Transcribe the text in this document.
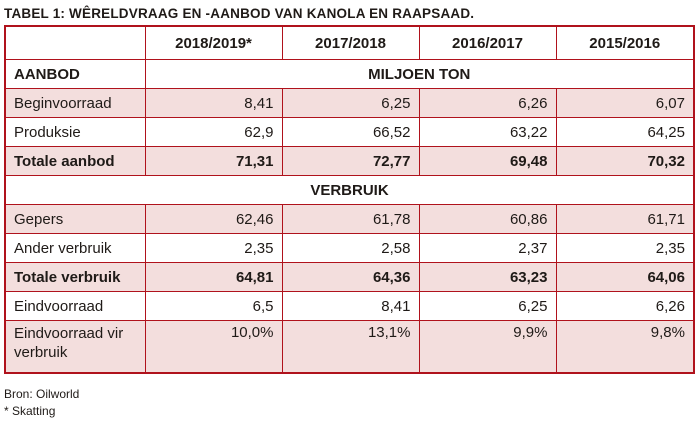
TABEL 1: WÊRELDVRAAG EN -AANBOD VAN KANOLA EN RAAPSAAD.
	2018/2019*	2017/2018	2016/2017	2015/2016
AANBOD	MILJOEN TON			
Beginvoorraad	8,41	6,25	6,26	6,07
Produksie	62,9	66,52	63,22	64,25
Totale aanbod	71,31	72,77	69,48	70,32
VERBRUIK				
Gepers	62,46	61,78	60,86	61,71
Ander verbruik	2,35	2,58	2,37	2,35
Totale verbruik	64,81	64,36	63,23	64,06
Eindvoorraad	6,5	8,41	6,25	6,26
Eindvoorraad vir verbruik	10,0%	13,1%	9,9%	9,8%
Bron: Oilworld
* Skatting
